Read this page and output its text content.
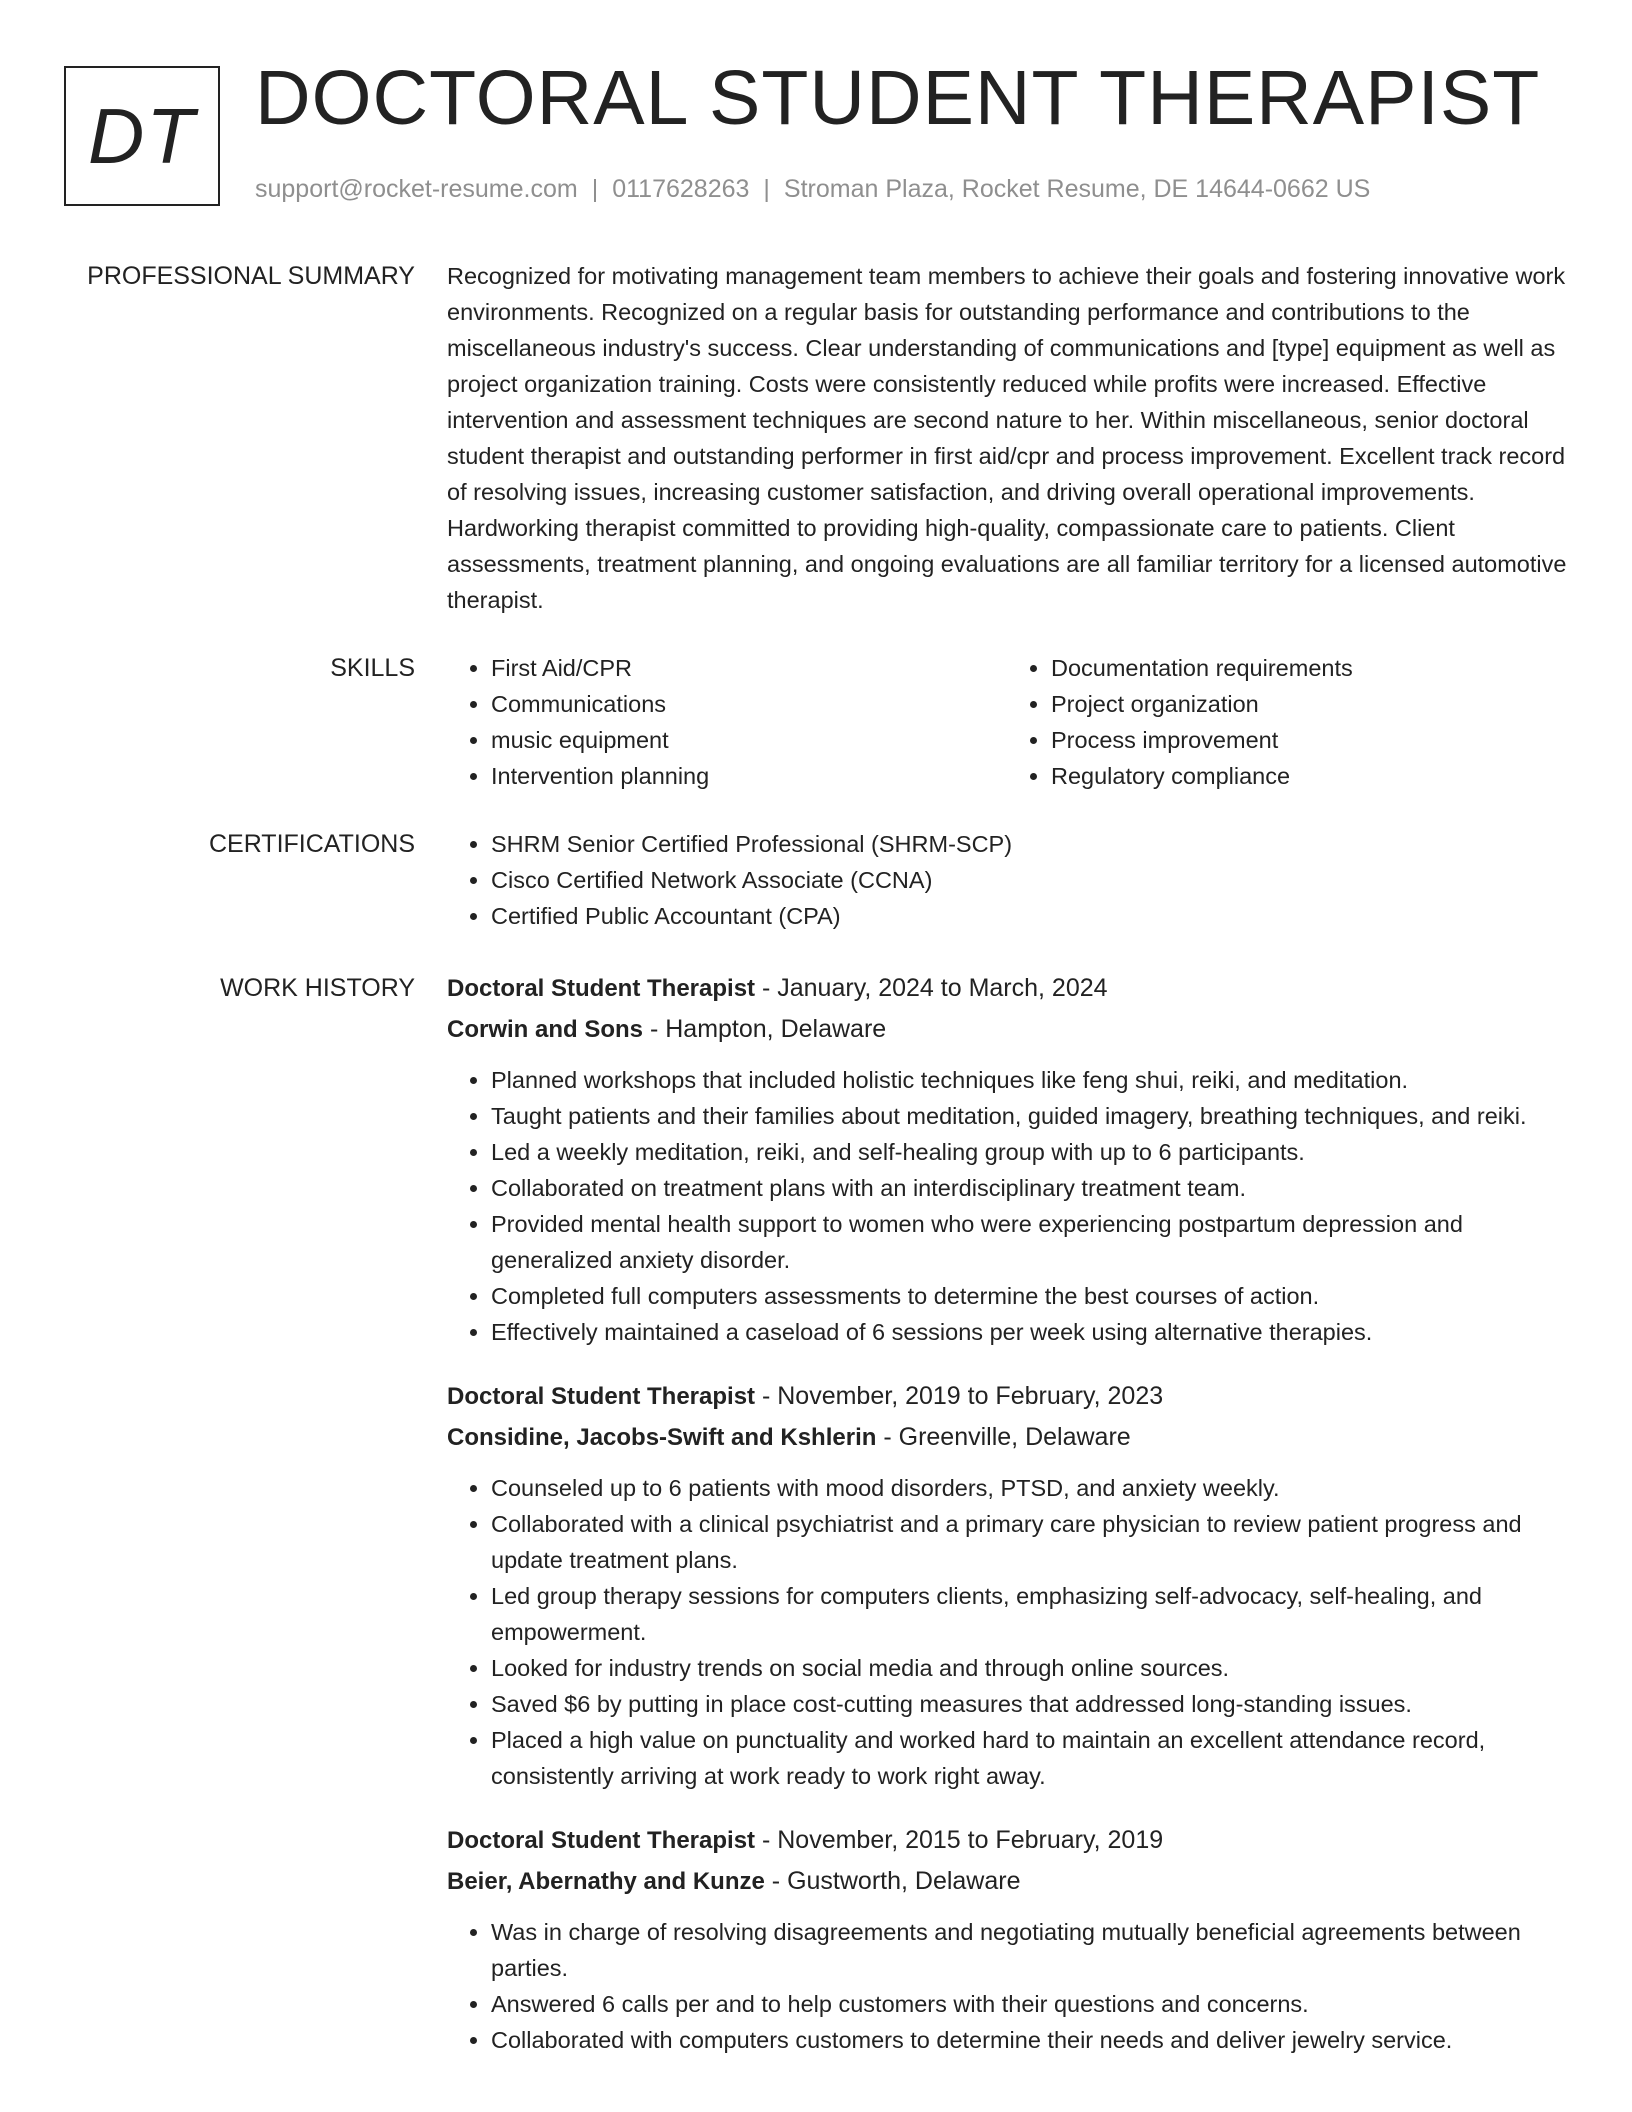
DT DOCTORAL STUDENT THERAPIST
support@rocket-resume.com | 0117628263 | Stroman Plaza, Rocket Resume, DE 14644-0662 US
PROFESSIONAL SUMMARY Recognized for motivating management team members to achieve their goals and fostering innovative work environments. Recognized on a regular basis for outstanding performance and contributions to the miscellaneous industry's success. Clear understanding of communications and [type] equipment as well as project organization training. Costs were consistently reduced while profits were increased. Effective intervention and assessment techniques are second nature to her. Within miscellaneous, senior doctoral student therapist and outstanding performer in first aid/cpr and process improvement. Excellent track record of resolving issues, increasing customer satisfaction, and driving overall operational improvements. Hardworking therapist committed to providing high-quality, compassionate care to patients. Client assessments, treatment planning, and ongoing evaluations are all familiar territory for a licensed automotive therapist.

SKILLS	• First Aid/CPR
• Communications
• music equipment
• Intervention planning
• Documentation requirements
• Project organization
• Process improvement
• Regulatory compliance
CERTIFICATIONS	• SHRM Senior Certified Professional (SHRM-SCP)
• Cisco Certified Network Associate (CCNA)
• Certified Public Accountant (CPA)
WORK HISTORY Doctoral Student Therapist - January, 2024 to March, 2024
Corwin and Sons - Hampton, Delaware
• Planned workshops that included holistic techniques like feng shui, reiki, and meditation.
• Taught patients and their families about meditation, guided imagery, breathing techniques, and reiki.
• Led a weekly meditation, reiki, and self-healing group with up to 6 participants.
• Collaborated on treatment plans with an interdisciplinary treatment team.
• Provided mental health support to women who were experiencing postpartum depression and generalized anxiety disorder.
• Completed full computers assessments to determine the best courses of action.
• Effectively maintained a caseload of 6 sessions per week using alternative therapies.
Doctoral Student Therapist - November, 2019 to February, 2023
Considine, Jacobs-Swift and Kshlerin - Greenville, Delaware
• Counseled up to 6 patients with mood disorders, PTSD, and anxiety weekly.
• Collaborated with a clinical psychiatrist and a primary care physician to review patient progress and update treatment plans.
• Led group therapy sessions for computers clients, emphasizing self-advocacy, self-healing, and empowerment.
• Looked for industry trends on social media and through online sources.
• Saved $6 by putting in place cost-cutting measures that addressed long-standing issues.
• Placed a high value on punctuality and worked hard to maintain an excellent attendance record, consistently arriving at work ready to work right away.
Doctoral Student Therapist - November, 2015 to February, 2019
Beier, Abernathy and Kunze - Gustworth, Delaware
• Was in charge of resolving disagreements and negotiating mutually beneficial agreements between parties.
• Answered 6 calls per and to help customers with their questions and concerns.
• Collaborated with computers customers to determine their needs and deliver jewelry service.
